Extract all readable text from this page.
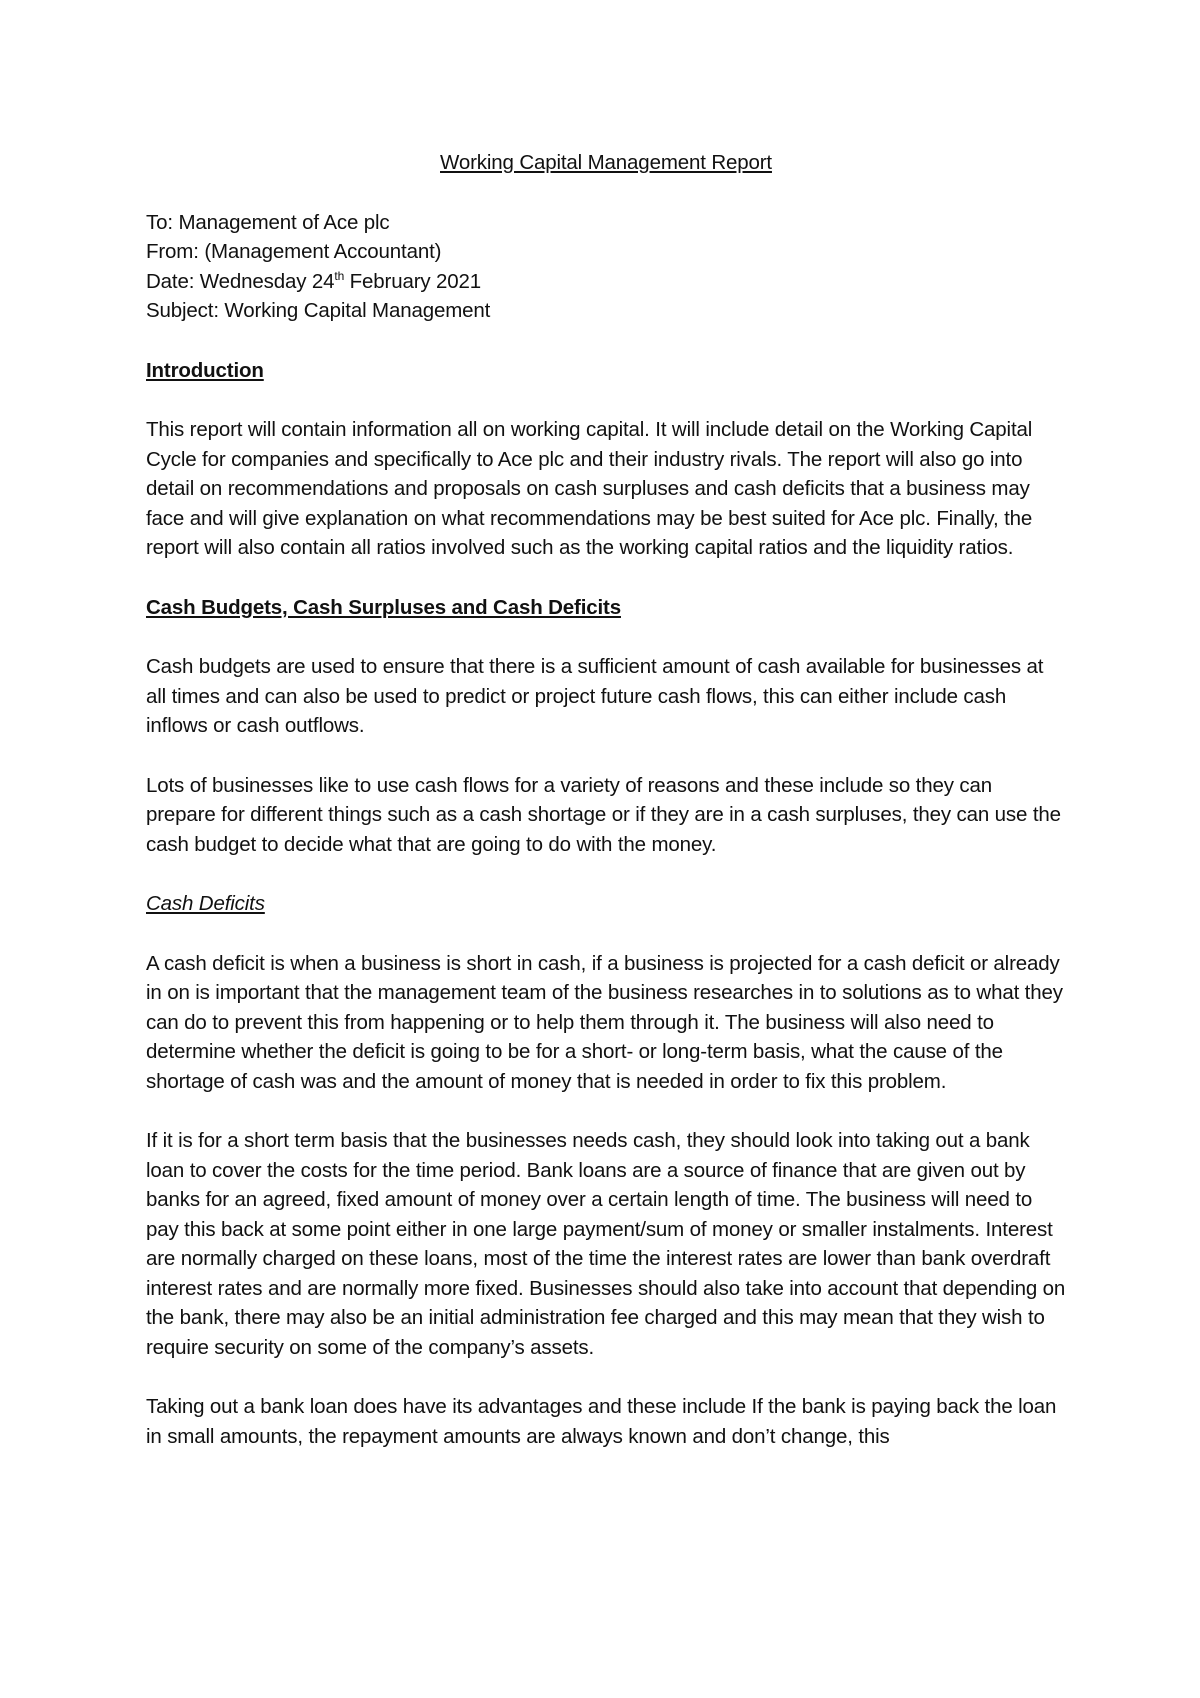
Working Capital Management Report

To: Management of Ace plc

From: (Management Accountant)

Date: Wednesday 24th February 2021

Subject: Working Capital Management

Introduction

This report will contain information all on working capital. It will include detail on the Working Capital Cycle for companies and specifically to Ace plc and their industry rivals. The report will also go into detail on recommendations and proposals on cash surpluses and cash deficits that a business may face and will give explanation on what recommendations may be best suited for Ace plc. Finally, the report will also contain all ratios involved such as the working capital ratios and the liquidity ratios.

Cash Budgets, Cash Surpluses and Cash Deficits

Cash budgets are used to ensure that there is a sufficient amount of cash available for businesses at all times and can also be used to predict or project future cash flows, this can either include cash inflows or cash outflows.

Lots of businesses like to use cash flows for a variety of reasons and these include so they can prepare for different things such as a cash shortage or if they are in a cash surpluses, they can use the cash budget to decide what that are going to do with the money.

Cash Deficits

A cash deficit is when a business is short in cash, if a business is projected for a cash deficit or already in on is important that the management team of the business researches in to solutions as to what they can do to prevent this from happening or to help them through it. The business will also need to determine whether the deficit is going to be for a short- or long-term basis, what the cause of the shortage of cash was and the amount of money that is needed in order to fix this problem.

If it is for a short term basis that the businesses needs cash, they should look into taking out a bank loan to cover the costs for the time period. Bank loans are a source of finance that are given out by banks for an agreed, fixed amount of money over a certain length of time. The business will need to pay this back at some point either in one large payment/sum of money or smaller instalments. Interest are normally charged on these loans, most of the time the interest rates are lower than bank overdraft interest rates and are normally more fixed. Businesses should also take into account that depending on the bank, there may also be an initial administration fee charged and this may mean that they wish to require security on some of the company’s assets.

Taking out a bank loan does have its advantages and these include If the bank is paying back the loan in small amounts, the repayment amounts are always known and don’t change, this
